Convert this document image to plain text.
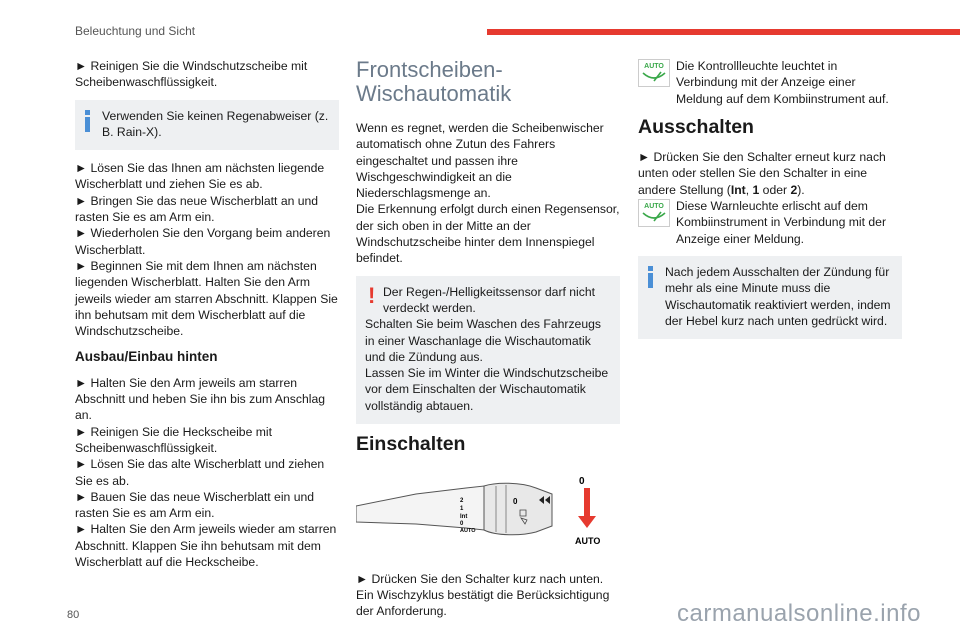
Beleuchtung und Sicht

► Reinigen Sie die Windschutzscheibe mit Scheibenwaschflüssigkeit.

Verwenden Sie keinen Regenabweiser (z. B. Rain-X).

► Lösen Sie das Ihnen am nächsten liegende Wischerblatt und ziehen Sie es ab.

► Bringen Sie das neue Wischerblatt an und rasten Sie es am Arm ein.

► Wiederholen Sie den Vorgang beim anderen Wischerblatt.

► Beginnen Sie mit dem Ihnen am nächsten liegenden Wischerblatt. Halten Sie den Arm jeweils wieder am starren Abschnitt. Klappen Sie ihn behutsam mit dem Wischerblatt auf die Windschutzscheibe.

Ausbau/Einbau hinten

► Halten Sie den Arm jeweils am starren Abschnitt und heben Sie ihn bis zum Anschlag an.

► Reinigen Sie die Heckscheibe mit Scheibenwaschflüssigkeit.

► Lösen Sie das alte Wischerblatt und ziehen Sie es ab.

► Bauen Sie das neue Wischerblatt ein und rasten Sie es am Arm ein.

► Halten Sie den Arm jeweils wieder am starren Abschnitt. Klappen Sie ihn behutsam mit dem Wischerblatt auf die Heckscheibe.

Frontscheiben-Wischautomatik

Wenn es regnet, werden die Scheibenwischer automatisch ohne Zutun des Fahrers eingeschaltet und passen ihre Wischgeschwindigkeit an die Niederschlagsmenge an.

Die Erkennung erfolgt durch einen Regensensor, der sich oben in der Mitte an der Windschutzscheibe hinter dem Innenspiegel befindet.

! Der Regen-/Helligkeitssensor darf nicht verdeckt werden.
Schalten Sie beim Waschen des Fahrzeugs in einer Waschanlage die Wischautomatik und die Zündung aus.
Lassen Sie im Winter die Windschutzscheibe vor dem Einschalten der Wischautomatik vollständig abtauen.
Einschalten
2
1
Int
0
AUTO
0
0
AUTO

► Drücken Sie den Schalter kurz nach unten.

Ein Wischzyklus bestätigt die Berücksichtigung der Anforderung.

AUTO Die Kontrollleuchte leuchtet in Verbindung mit der Anzeige einer Meldung auf dem Kombiinstrument auf.
Ausschalten

► Drücken Sie den Schalter erneut kurz nach unten oder stellen Sie den Schalter in eine andere Stellung (Int, 1 oder 2).

AUTO Diese Warnleuchte erlischt auf dem Kombiinstrument in Verbindung mit der Anzeige einer Meldung.
Nach jedem Ausschalten der Zündung für mehr als eine Minute muss die Wischautomatik reaktiviert werden, indem der Hebel kurz nach unten gedrückt wird.
80	carmanualsonline.info
